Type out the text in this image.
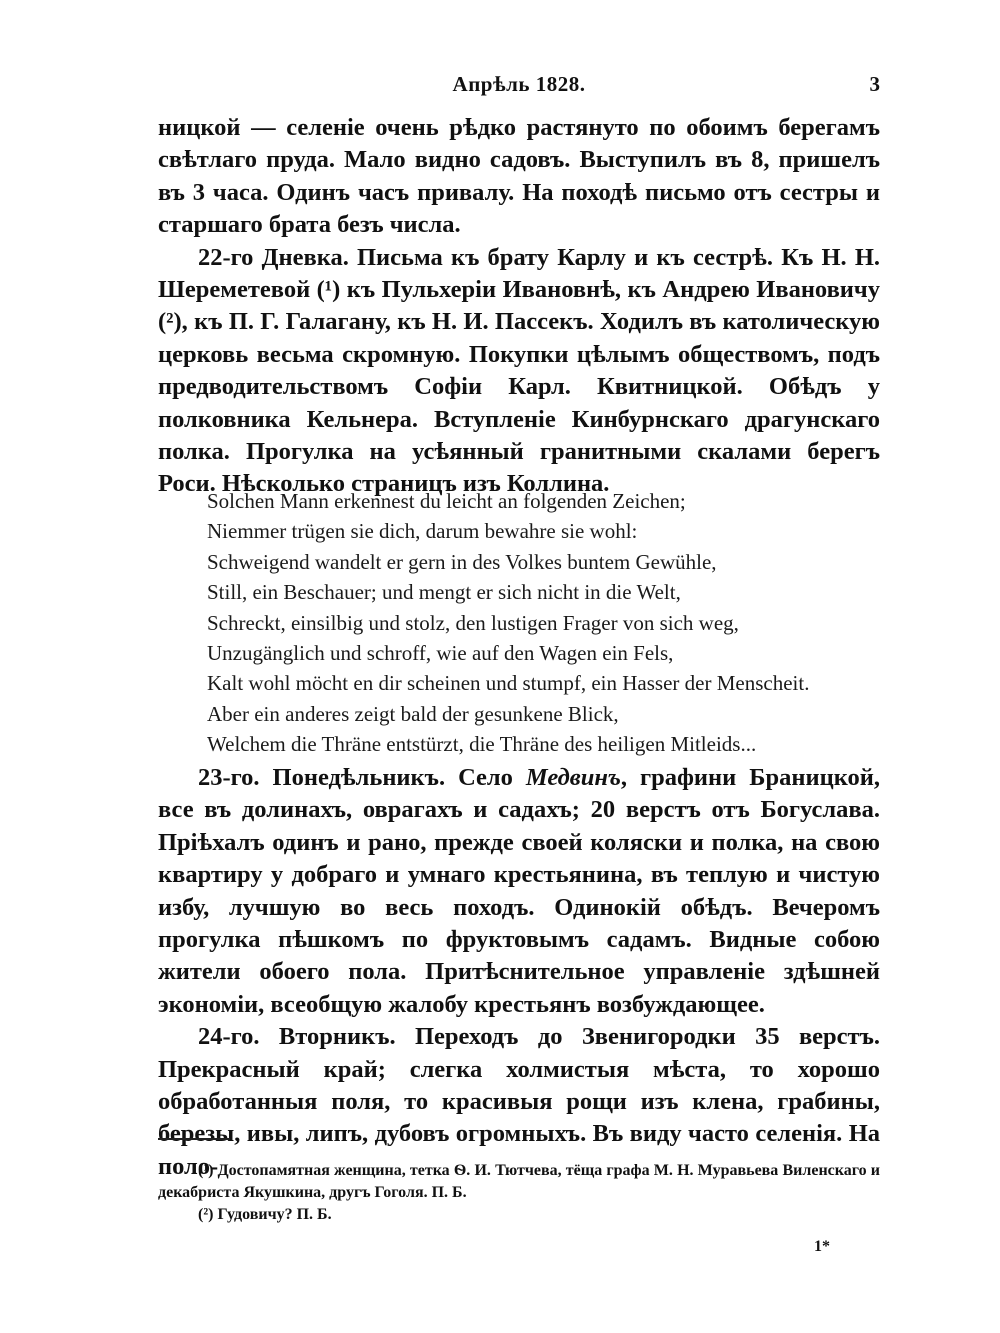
Апрѣль 1828.	3

ницкой — селенiе очень рѣдко растянуто по обоимъ берегамъ свѣтлаго пруда. Мало видно садовъ. Выступилъ въ 8, пришелъ въ 3 часа. Одинъ часъ привалу. На походѣ письмо отъ сестры и старшаго брата безъ числа.

22-го Дневка. Письма къ брату Карлу и къ сестрѣ. Къ Н. Н. Шереметевой (¹) къ Пульхерiи Ивановнѣ, къ Андрею Ивановичу (²), къ П. Г. Галагану, къ Н. И. Пассекъ. Ходилъ въ католическую церковь весьма скромную. Покупки цѣлымъ обществомъ, подъ предводительствомъ Софiи Карл. Квитницкой. Обѣдъ у полковника Кельнера. Вступленiе Кинбурнскаго драгунскаго полка. Прогулка на усѣянный гранитными скалами берегъ Роси. Нѣсколько страницъ изъ Коллина.

Solchen Mann erkennest du leicht an folgenden Zeichen;
Niemmer trügen sie dich, darum bewahre sie wohl:
Schweigend wandelt er gern in des Volkes buntem Gewühle,
Still, ein Beschauer; und mengt er sich nicht in die Welt,
Schreckt, einsilbig und stolz, den lustigen Frager von sich weg,
Unzugänglich und schroff, wie auf den Wagen ein Fels,
Kalt wohl möcht en dir scheinen und stumpf, ein Hasser der Menscheit.
Aber ein anderes zeigt bald der gesunkene Blick,
Welchem die Thräne entstürzt, die Thräne des heiligen Mitleids...

23-го. Понедѣльникъ. Село Медвинъ, графини Браницкой, все въ долинахъ, оврагахъ и садахъ; 20 верстъ отъ Богуслава. Прiѣхалъ одинъ и рано, прежде своей коляски и полка, на свою квартиру у добраго и умнаго крестьянина, въ теплую и чистую избу, лучшую во весь походъ. Одинокiй обѣдъ. Вечеромъ прогулка пѣшкомъ по фруктовымъ садамъ. Видные собою жители обоего пола. Притѣснительное управленiе здѣшней экономiи, всеобщую жалобу крестьянъ возбуждающее.

24-го. Вторникъ. Переходъ до Звенигородки 35 верстъ. Прекрасный край; слегка холмистыя мѣста, то хорошо обработанныя поля, то красивыя рощи изъ клена, грабины, березы, ивы, липъ, дубовъ огромныхъ. Въ виду часто селенiя. На поло-

(¹) Достопамятная женщина, тетка Ѳ. И. Тютчева, тёща графа М. Н. Муравьева Виленскаго и декабриста Якушкина, другъ Гоголя. П. Б.

(²) Гудовичу? П. Б.

1*
